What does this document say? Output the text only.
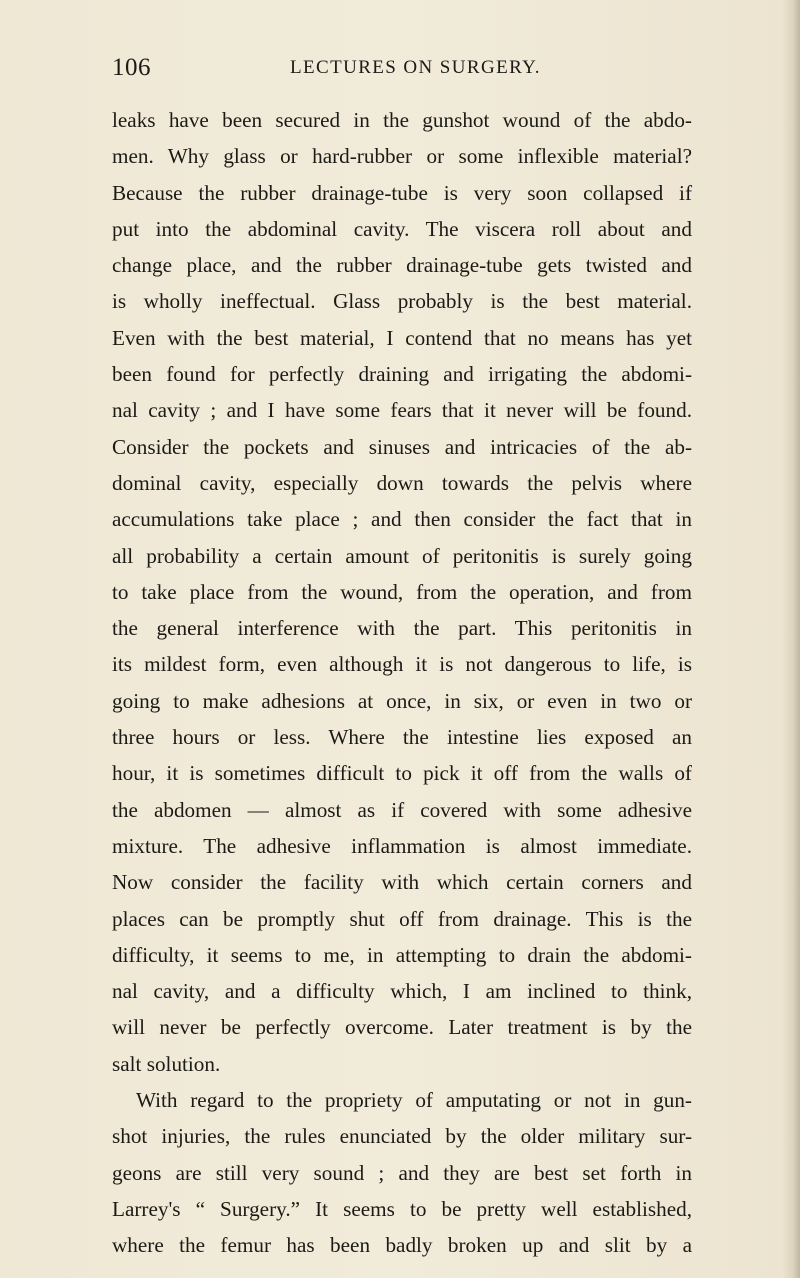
106	LECTURES ON SURGERY.
leaks have been secured in the gunshot wound of the abdo-
men. Why glass or hard-rubber or some inflexible material?
Because the rubber drainage-tube is very soon collapsed if
put into the abdominal cavity. The viscera roll about and
change place, and the rubber drainage-tube gets twisted and
is wholly ineffectual. Glass probably is the best material.
Even with the best material, I contend that no means has yet
been found for perfectly draining and irrigating the abdomi-
nal cavity ; and I have some fears that it never will be found.
Consider the pockets and sinuses and intricacies of the ab-
dominal cavity, especially down towards the pelvis where
accumulations take place ; and then consider the fact that in
all probability a certain amount of peritonitis is surely going
to take place from the wound, from the operation, and from
the general interference with the part. This peritonitis in
its mildest form, even although it is not dangerous to life, is
going to make adhesions at once, in six, or even in two or
three hours or less. Where the intestine lies exposed an
hour, it is sometimes difficult to pick it off from the walls of
the abdomen — almost as if covered with some adhesive
mixture. The adhesive inflammation is almost immediate.
Now consider the facility with which certain corners and
places can be promptly shut off from drainage. This is the
difficulty, it seems to me, in attempting to drain the abdomi-
nal cavity, and a difficulty which, I am inclined to think,
will never be perfectly overcome. Later treatment is by the
salt solution.
With regard to the propriety of amputating or not in gun-
shot injuries, the rules enunciated by the older military sur-
geons are still very sound ; and they are best set forth in
Larrey's “ Surgery.” It seems to be pretty well established,
where the femur has been badly broken up and slit by a
